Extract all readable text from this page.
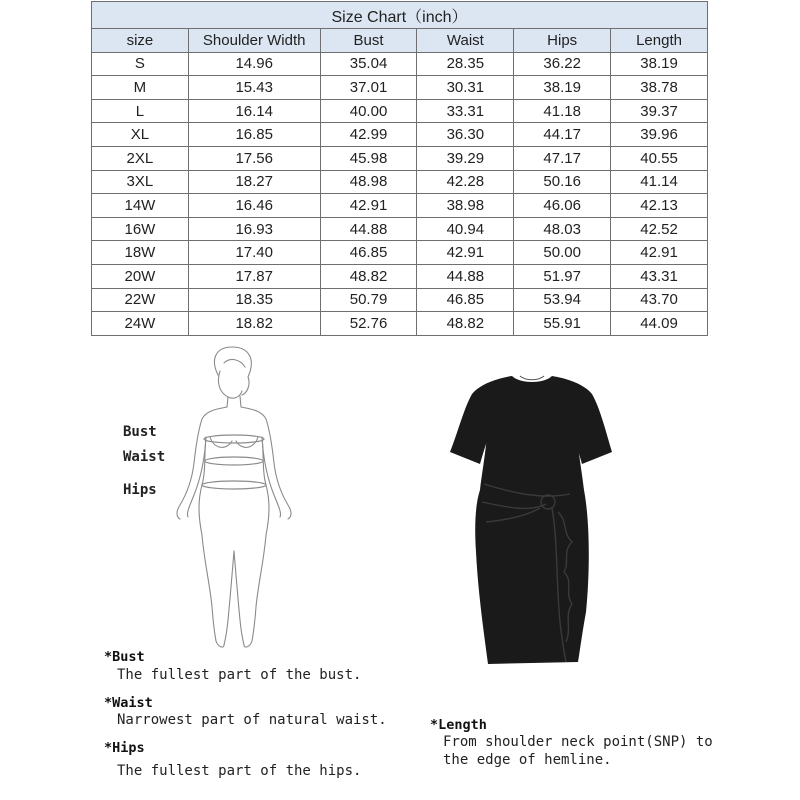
Size Chart（inch）					
size	Shoulder Width	Bust	Waist	Hips	Length
S	14.96	35.04	28.35	36.22	38.19
M	15.43	37.01	30.31	38.19	38.78
L	16.14	40.00	33.31	41.18	39.37
XL	16.85	42.99	36.30	44.17	39.96
2XL	17.56	45.98	39.29	47.17	40.55
3XL	18.27	48.98	42.28	50.16	41.14
14W	16.46	42.91	38.98	46.06	42.13
16W	16.93	44.88	40.94	48.03	42.52
18W	17.40	46.85	42.91	50.00	42.91
20W	17.87	48.82	44.88	51.97	43.31
22W	18.35	50.79	46.85	53.94	43.70
24W	18.82	52.76	48.82	55.91	44.09
Bust
Waist
Hips
*Bust
The fullest part of the bust.
*Waist
Narrowest part of natural waist.
*Hips
The fullest part of the hips.
*Length
From shoulder neck point(SNP) to
the edge of hemline.
